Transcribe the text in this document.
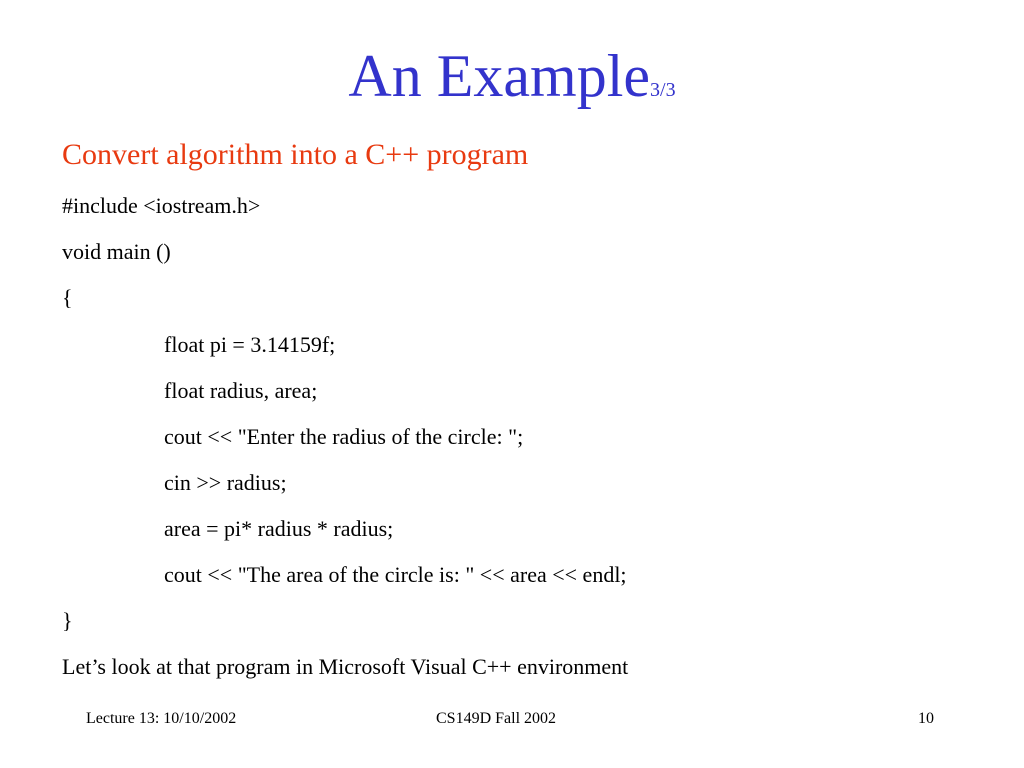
An Example3/3
Convert algorithm into a C++ program
#include <iostream.h>
void main ()
{
float pi = 3.14159f;
float radius, area;
cout << "Enter the radius of the circle: ";
cin >> radius;
area = pi* radius * radius;
cout << "The area of the circle is: " << area << endl;
}
Let’s look at that program in Microsoft Visual C++ environment
Lecture 13: 10/10/2002	CS149D Fall 2002	10
